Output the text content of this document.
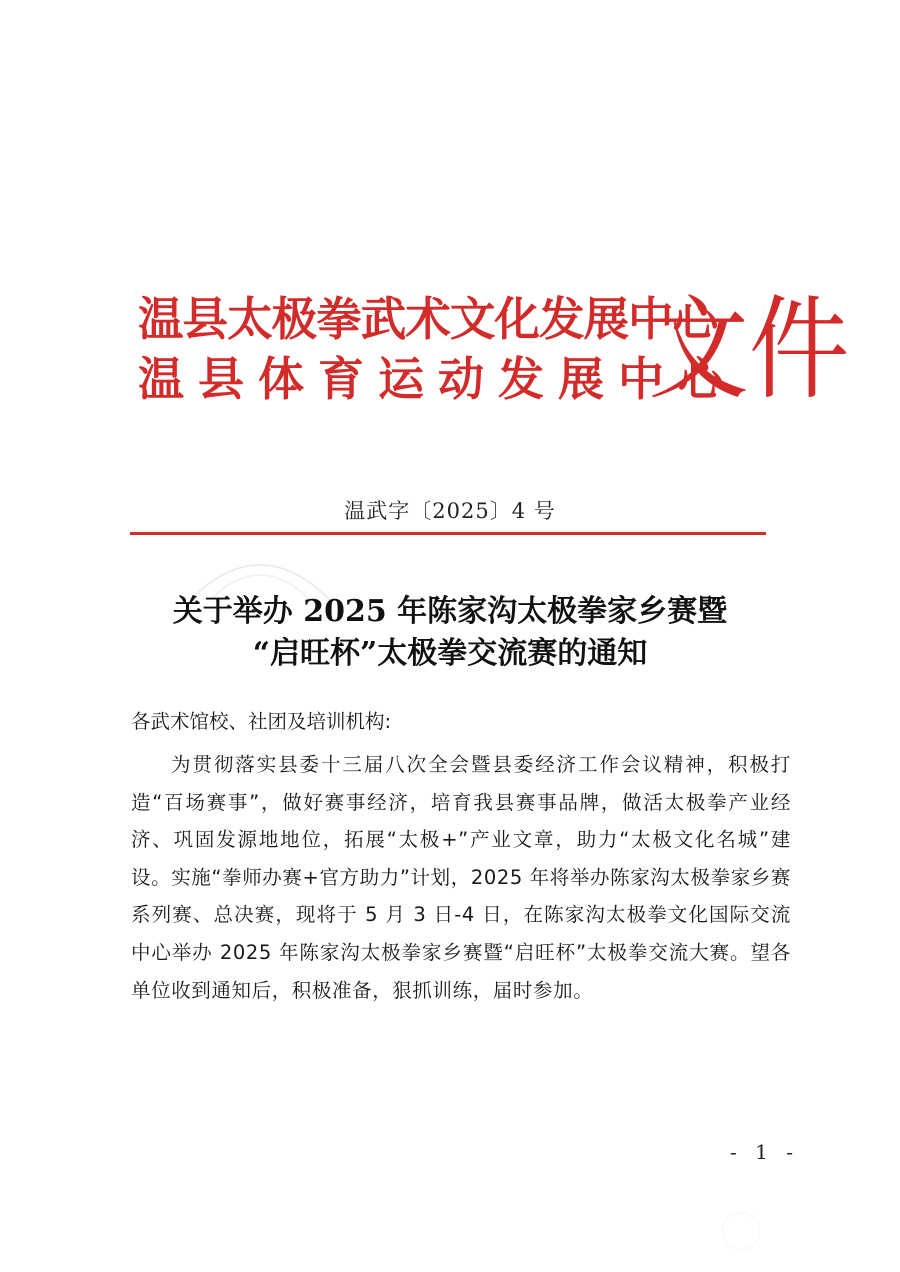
温县太极拳武术文化发展中心
温县体育运动发展中心
文件
温武字〔2025〕4 号
关于举办 2025 年陈家沟太极拳家乡赛暨
“启旺杯”太极拳交流赛的通知
各武术馆校、社团及培训机构:
为贯彻落实县委十三届八次全会暨县委经济工作会议精神，积极打造“百场赛事”，做好赛事经济，培育我县赛事品牌，做活太极拳产业经济、巩固发源地地位，拓展“太极+”产业文章，助力“太极文化名城”建设。实施“拳师办赛+官方助力”计划，2025 年将举办陈家沟太极拳家乡赛系列赛、总决赛，现将于 5 月 3 日-4 日，在陈家沟太极拳文化国际交流中心举办 2025 年陈家沟太极拳家乡赛暨“启旺杯”太极拳交流大赛。望各单位收到通知后，积极准备，狠抓训练，届时参加。
- 1 -
